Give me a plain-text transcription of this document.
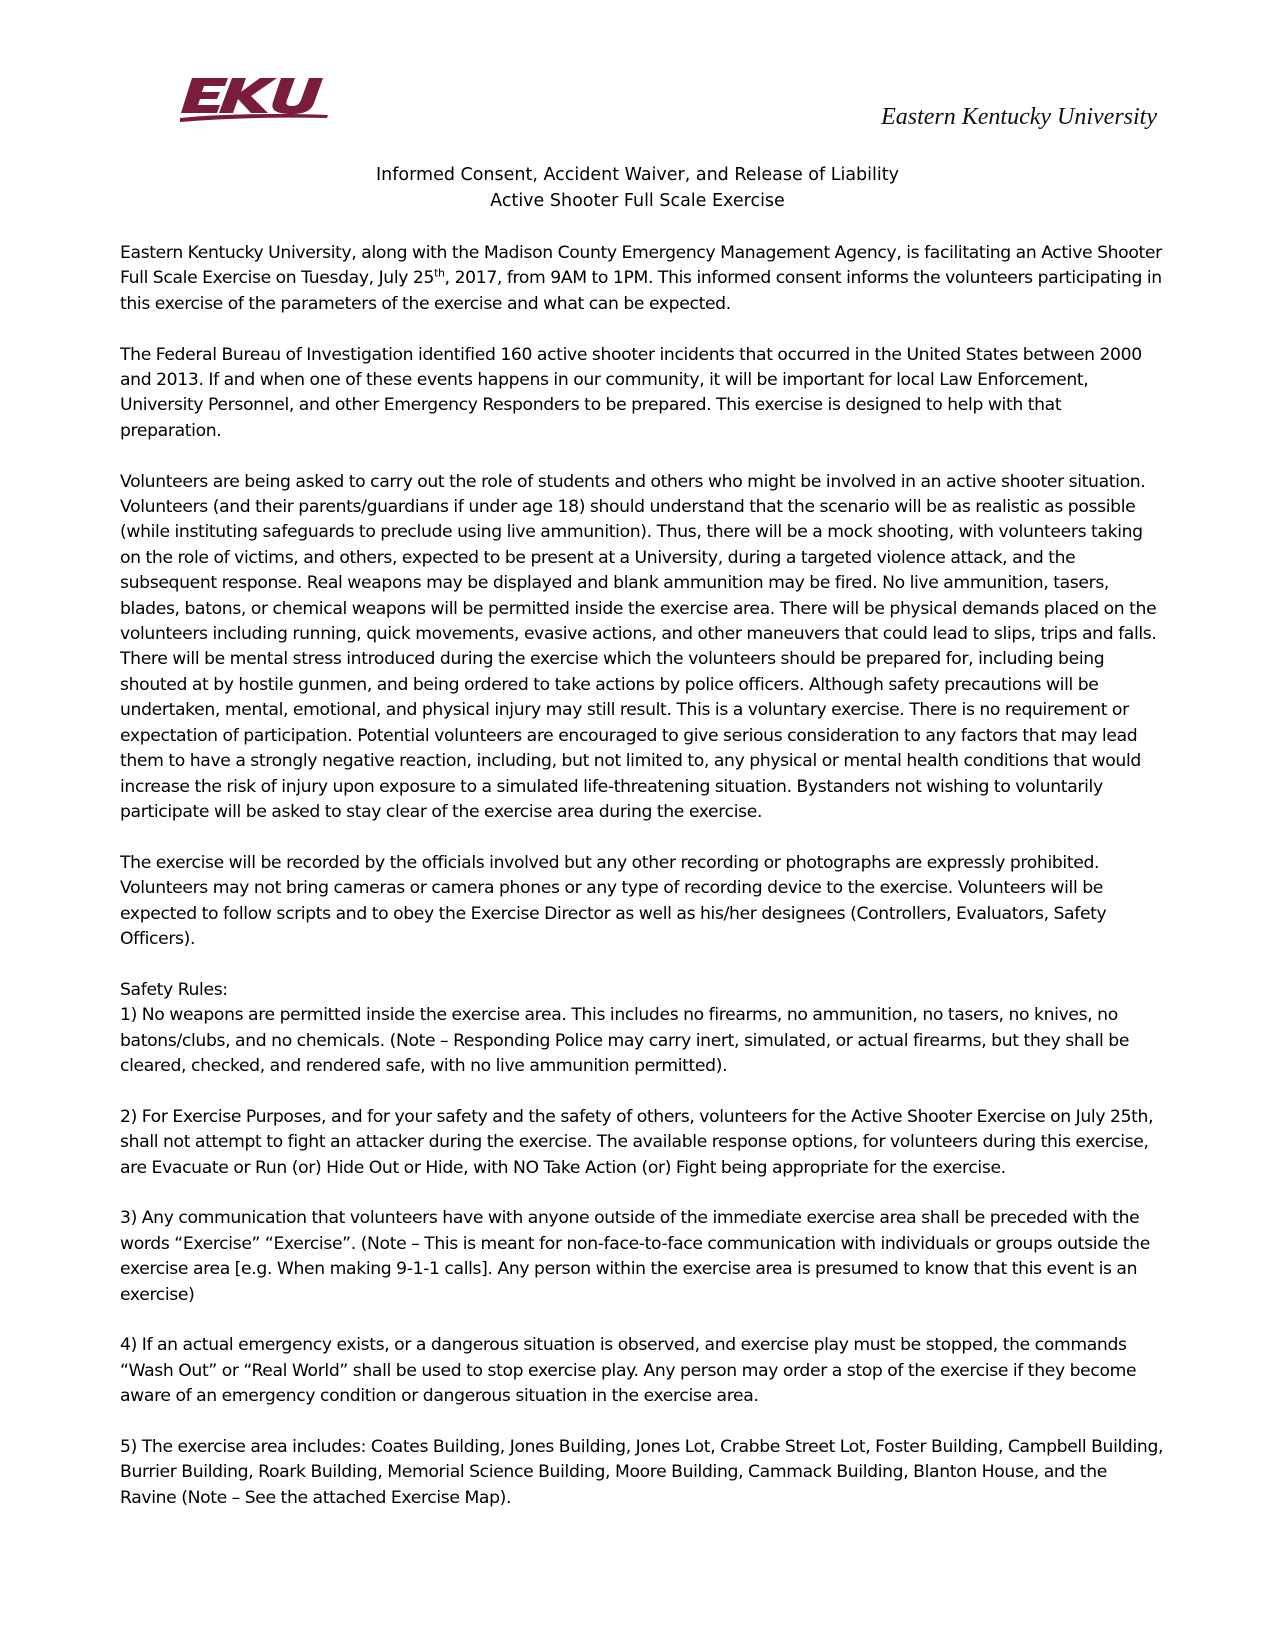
Eastern Kentucky University
Informed Consent, Accident Waiver, and Release of Liability
Active Shooter Full Scale Exercise

Eastern Kentucky University, along with the Madison County Emergency Management Agency, is facilitating an Active Shooter Full Scale Exercise on Tuesday, July 25th, 2017, from 9AM to 1PM. This informed consent informs the volunteers participating in this exercise of the parameters of the exercise and what can be expected.

The Federal Bureau of Investigation identified 160 active shooter incidents that occurred in the United States between 2000 and 2013. If and when one of these events happens in our community, it will be important for local Law Enforcement, University Personnel, and other Emergency Responders to be prepared. This exercise is designed to help with that preparation.

Volunteers are being asked to carry out the role of students and others who might be involved in an active shooter situation. Volunteers (and their parents/guardians if under age 18) should understand that the scenario will be as realistic as possible (while instituting safeguards to preclude using live ammunition). Thus, there will be a mock shooting, with volunteers taking on the role of victims, and others, expected to be present at a University, during a targeted violence attack, and the subsequent response. Real weapons may be displayed and blank ammunition may be fired. No live ammunition, tasers, blades, batons, or chemical weapons will be permitted inside the exercise area. There will be physical demands placed on the volunteers including running, quick movements, evasive actions, and other maneuvers that could lead to slips, trips and falls. There will be mental stress introduced during the exercise which the volunteers should be prepared for, including being shouted at by hostile gunmen, and being ordered to take actions by police officers. Although safety precautions will be undertaken, mental, emotional, and physical injury may still result. This is a voluntary exercise. There is no requirement or expectation of participation. Potential volunteers are encouraged to give serious consideration to any factors that may lead them to have a strongly negative reaction, including, but not limited to, any physical or mental health conditions that would increase the risk of injury upon exposure to a simulated life-threatening situation. Bystanders not wishing to voluntarily participate will be asked to stay clear of the exercise area during the exercise.

The exercise will be recorded by the officials involved but any other recording or photographs are expressly prohibited. Volunteers may not bring cameras or camera phones or any type of recording device to the exercise. Volunteers will be expected to follow scripts and to obey the Exercise Director as well as his/her designees (Controllers, Evaluators, Safety Officers).

Safety Rules:

1) No weapons are permitted inside the exercise area. This includes no firearms, no ammunition, no tasers, no knives, no batons/clubs, and no chemicals. (Note – Responding Police may carry inert, simulated, or actual firearms, but they shall be cleared, checked, and rendered safe, with no live ammunition permitted).

2) For Exercise Purposes, and for your safety and the safety of others, volunteers for the Active Shooter Exercise on July 25th, shall not attempt to fight an attacker during the exercise. The available response options, for volunteers during this exercise, are Evacuate or Run (or) Hide Out or Hide, with NO Take Action (or) Fight being appropriate for the exercise.

3) Any communication that volunteers have with anyone outside of the immediate exercise area shall be preceded with the words “Exercise” “Exercise”. (Note – This is meant for non-face-to-face communication with individuals or groups outside the exercise area [e.g. When making 9-1-1 calls]. Any person within the exercise area is presumed to know that this event is an exercise)

4) If an actual emergency exists, or a dangerous situation is observed, and exercise play must be stopped, the commands “Wash Out” or “Real World” shall be used to stop exercise play. Any person may order a stop of the exercise if they become aware of an emergency condition or dangerous situation in the exercise area.

5) The exercise area includes: Coates Building, Jones Building, Jones Lot, Crabbe Street Lot, Foster Building, Campbell Building, Burrier Building, Roark Building, Memorial Science Building, Moore Building, Cammack Building, Blanton House, and the Ravine (Note – See the attached Exercise Map).
